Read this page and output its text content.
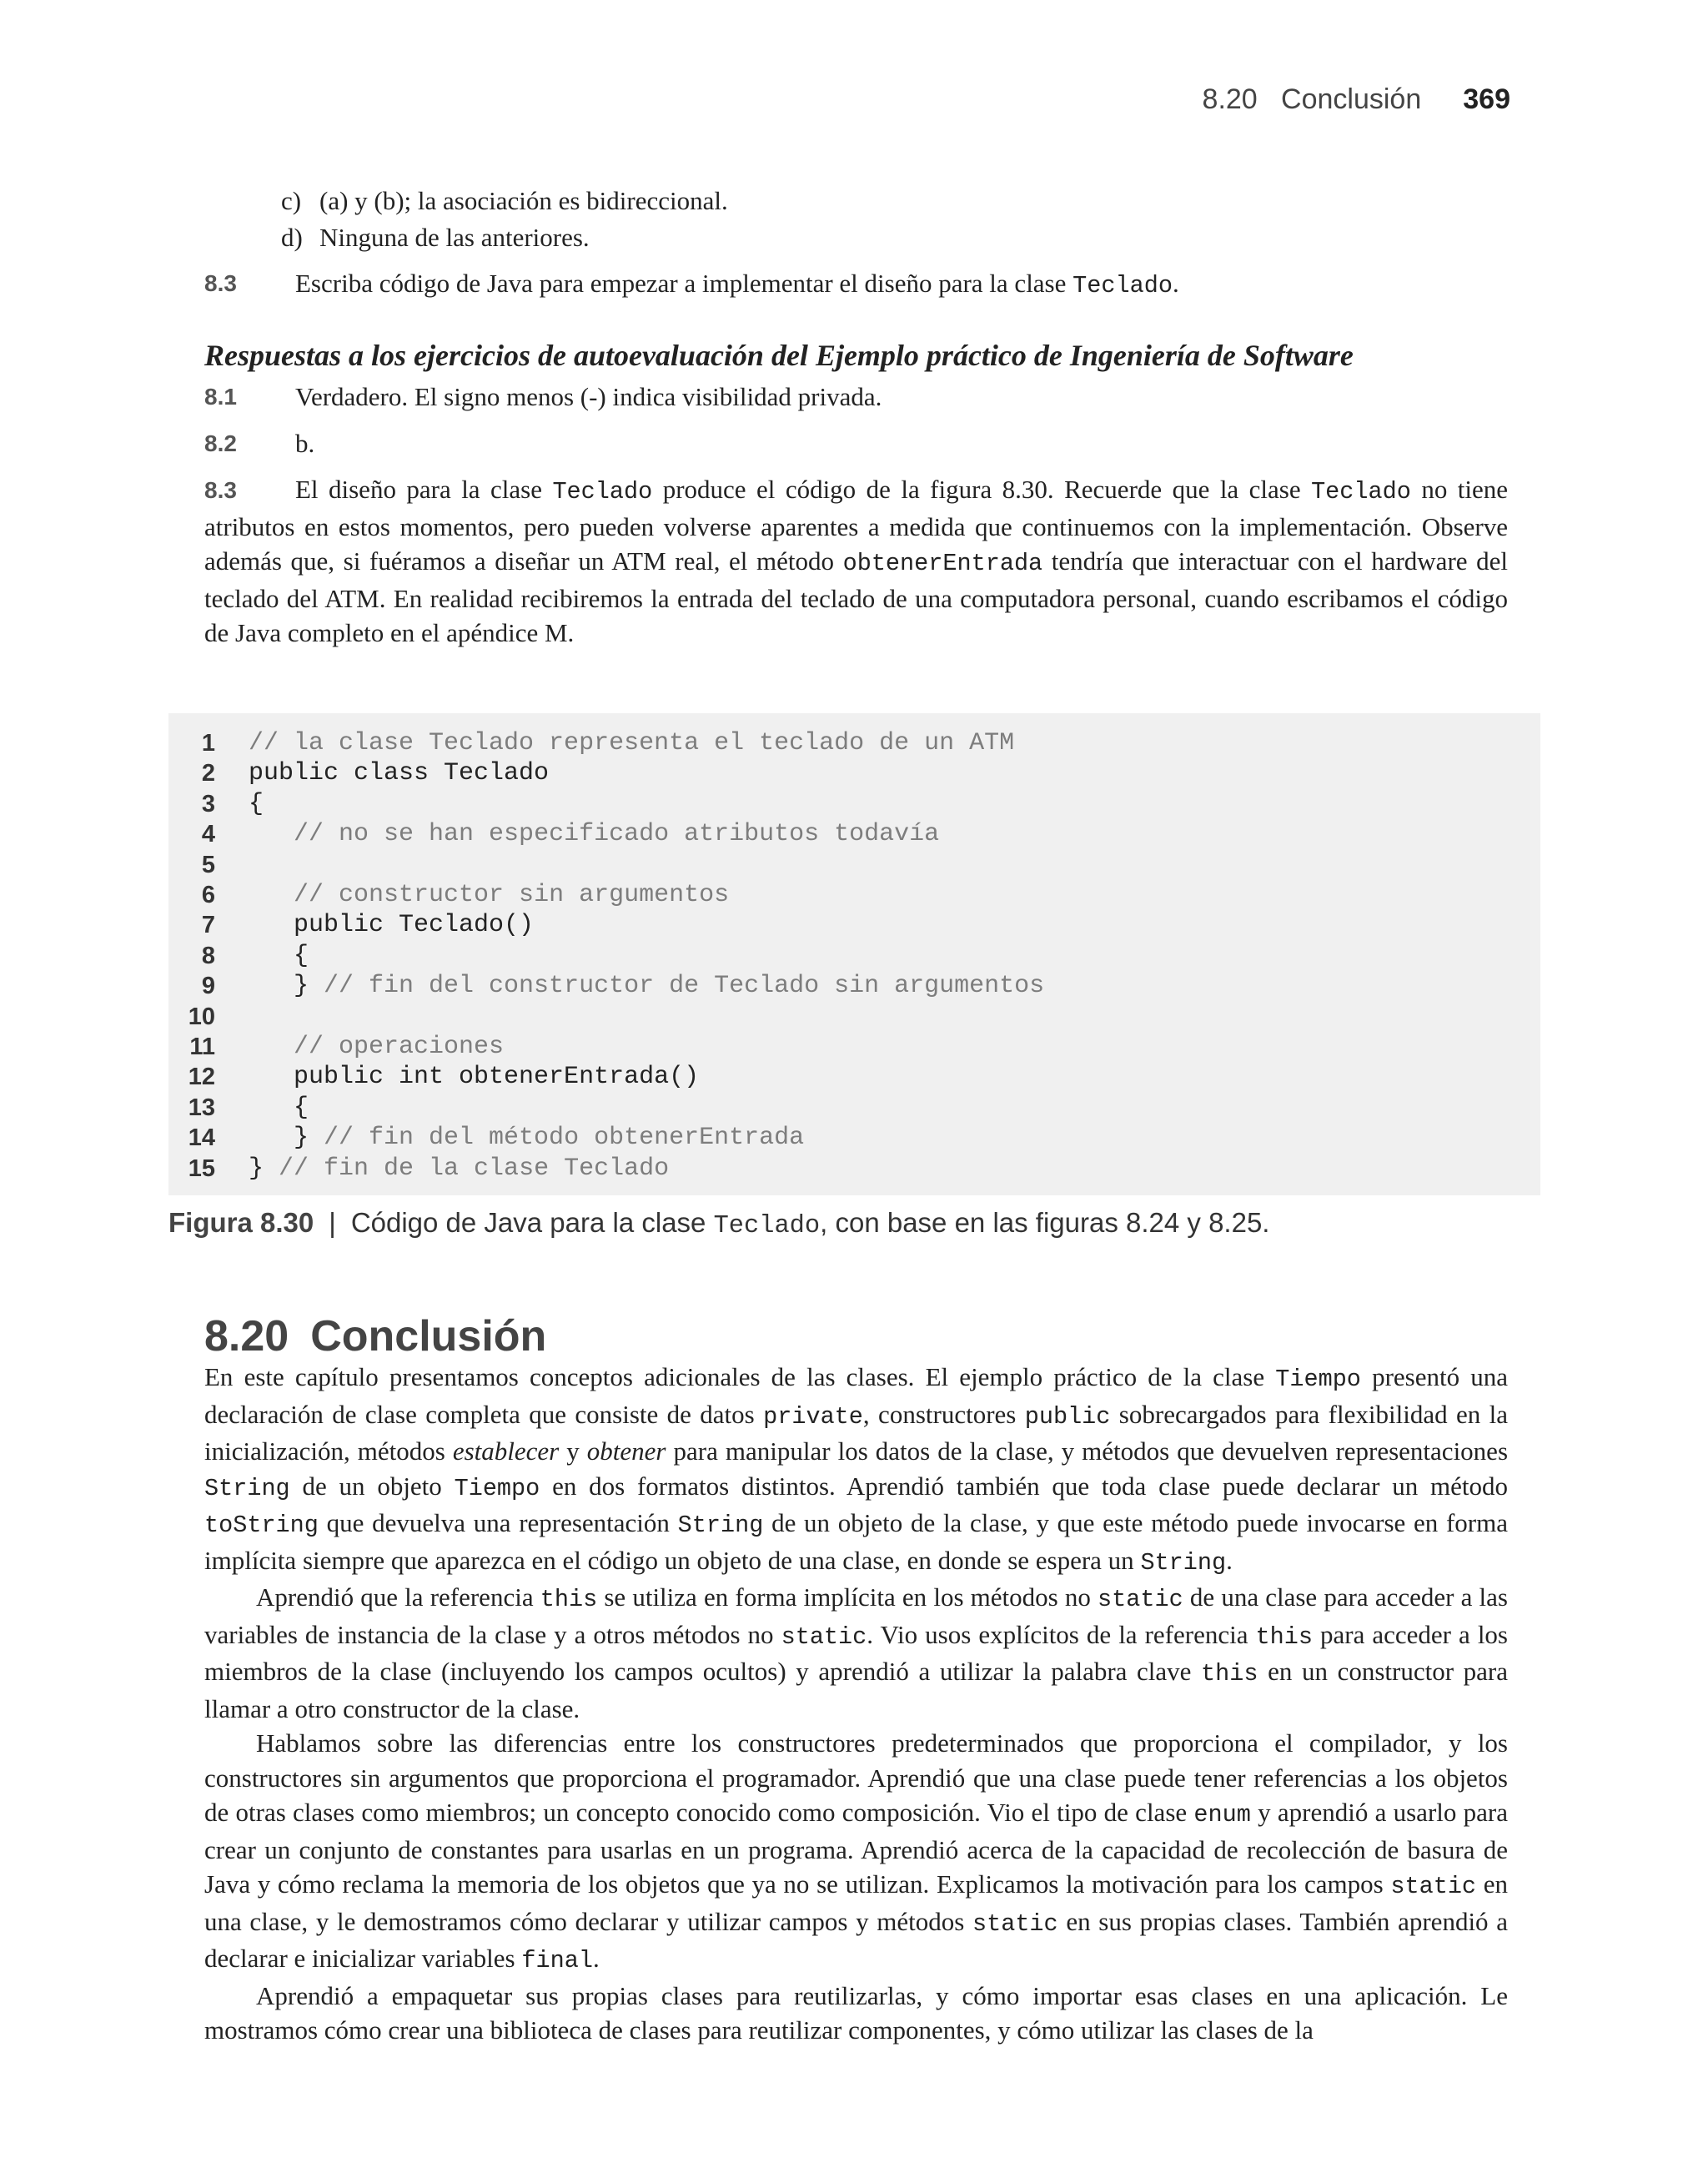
8.20   Conclusión 369
c) (a) y (b); la asociación es bidireccional.
d) Ninguna de las anteriores.
8.3	Escriba código de Java para empezar a implementar el diseño para la clase Teclado.
Respuestas a los ejercicios de autoevaluación del Ejemplo práctico de Ingeniería de Software
8.1	Verdadero. El signo menos (-) indica visibilidad privada.
8.2	b.
8.3 El diseño para la clase Teclado produce el código de la figura 8.30. Recuerde que la clase Teclado no tiene atributos en estos momentos, pero pueden volverse aparentes a medida que continuemos con la implementación. Observe además que, si fuéramos a diseñar un ATM real, el método obtenerEntrada tendría que interactuar con el hardware del teclado del ATM. En realidad recibiremos la entrada del teclado de una computadora personal, cuando escribamos el código de Java completo en el apéndice M.
1 // la clase Teclado representa el teclado de un ATM
2 public class Teclado
3 {
4	// no se han especificado atributos todavía
5
6	// constructor sin argumentos
7 public Teclado()
8 {
9 } // fin del constructor de Teclado sin argumentos
10
11	// operaciones
12 public int obtenerEntrada()
13 {
14 } // fin del método obtenerEntrada
15 } // fin de la clase Teclado
Figura 8.30 | Código de Java para la clase Teclado, con base en las figuras 8.24 y 8.25.
8.20 Conclusión

En este capítulo presentamos conceptos adicionales de las clases. El ejemplo práctico de la clase Tiempo presentó una declaración de clase completa que consiste de datos private, constructores public sobrecargados para flexibilidad en la inicialización, métodos establecer y obtener para manipular los datos de la clase, y métodos que devuelven representaciones String de un objeto Tiempo en dos formatos distintos. Aprendió también que toda clase puede declarar un método toString que devuelva una representación String de un objeto de la clase, y que este método puede invocarse en forma implícita siempre que aparezca en el código un objeto de una clase, en donde se espera un String.

Aprendió que la referencia this se utiliza en forma implícita en los métodos no static de una clase para acceder a las variables de instancia de la clase y a otros métodos no static. Vio usos explícitos de la referencia this para acceder a los miembros de la clase (incluyendo los campos ocultos) y aprendió a utilizar la palabra clave this en un constructor para llamar a otro constructor de la clase.

Hablamos sobre las diferencias entre los constructores predeterminados que proporciona el compilador, y los constructores sin argumentos que proporciona el programador. Aprendió que una clase puede tener referencias a los objetos de otras clases como miembros; un concepto conocido como composición. Vio el tipo de clase enum y aprendió a usarlo para crear un conjunto de constantes para usarlas en un programa. Aprendió acerca de la capacidad de recolección de basura de Java y cómo reclama la memoria de los objetos que ya no se utilizan. Explicamos la motivación para los campos static en una clase, y le demostramos cómo declarar y utilizar campos y métodos static en sus propias clases. También aprendió a declarar e inicializar variables final.

Aprendió a empaquetar sus propias clases para reutilizarlas, y cómo importar esas clases en una aplicación. Le mostramos cómo crear una biblioteca de clases para reutilizar componentes, y cómo utilizar las clases de la
